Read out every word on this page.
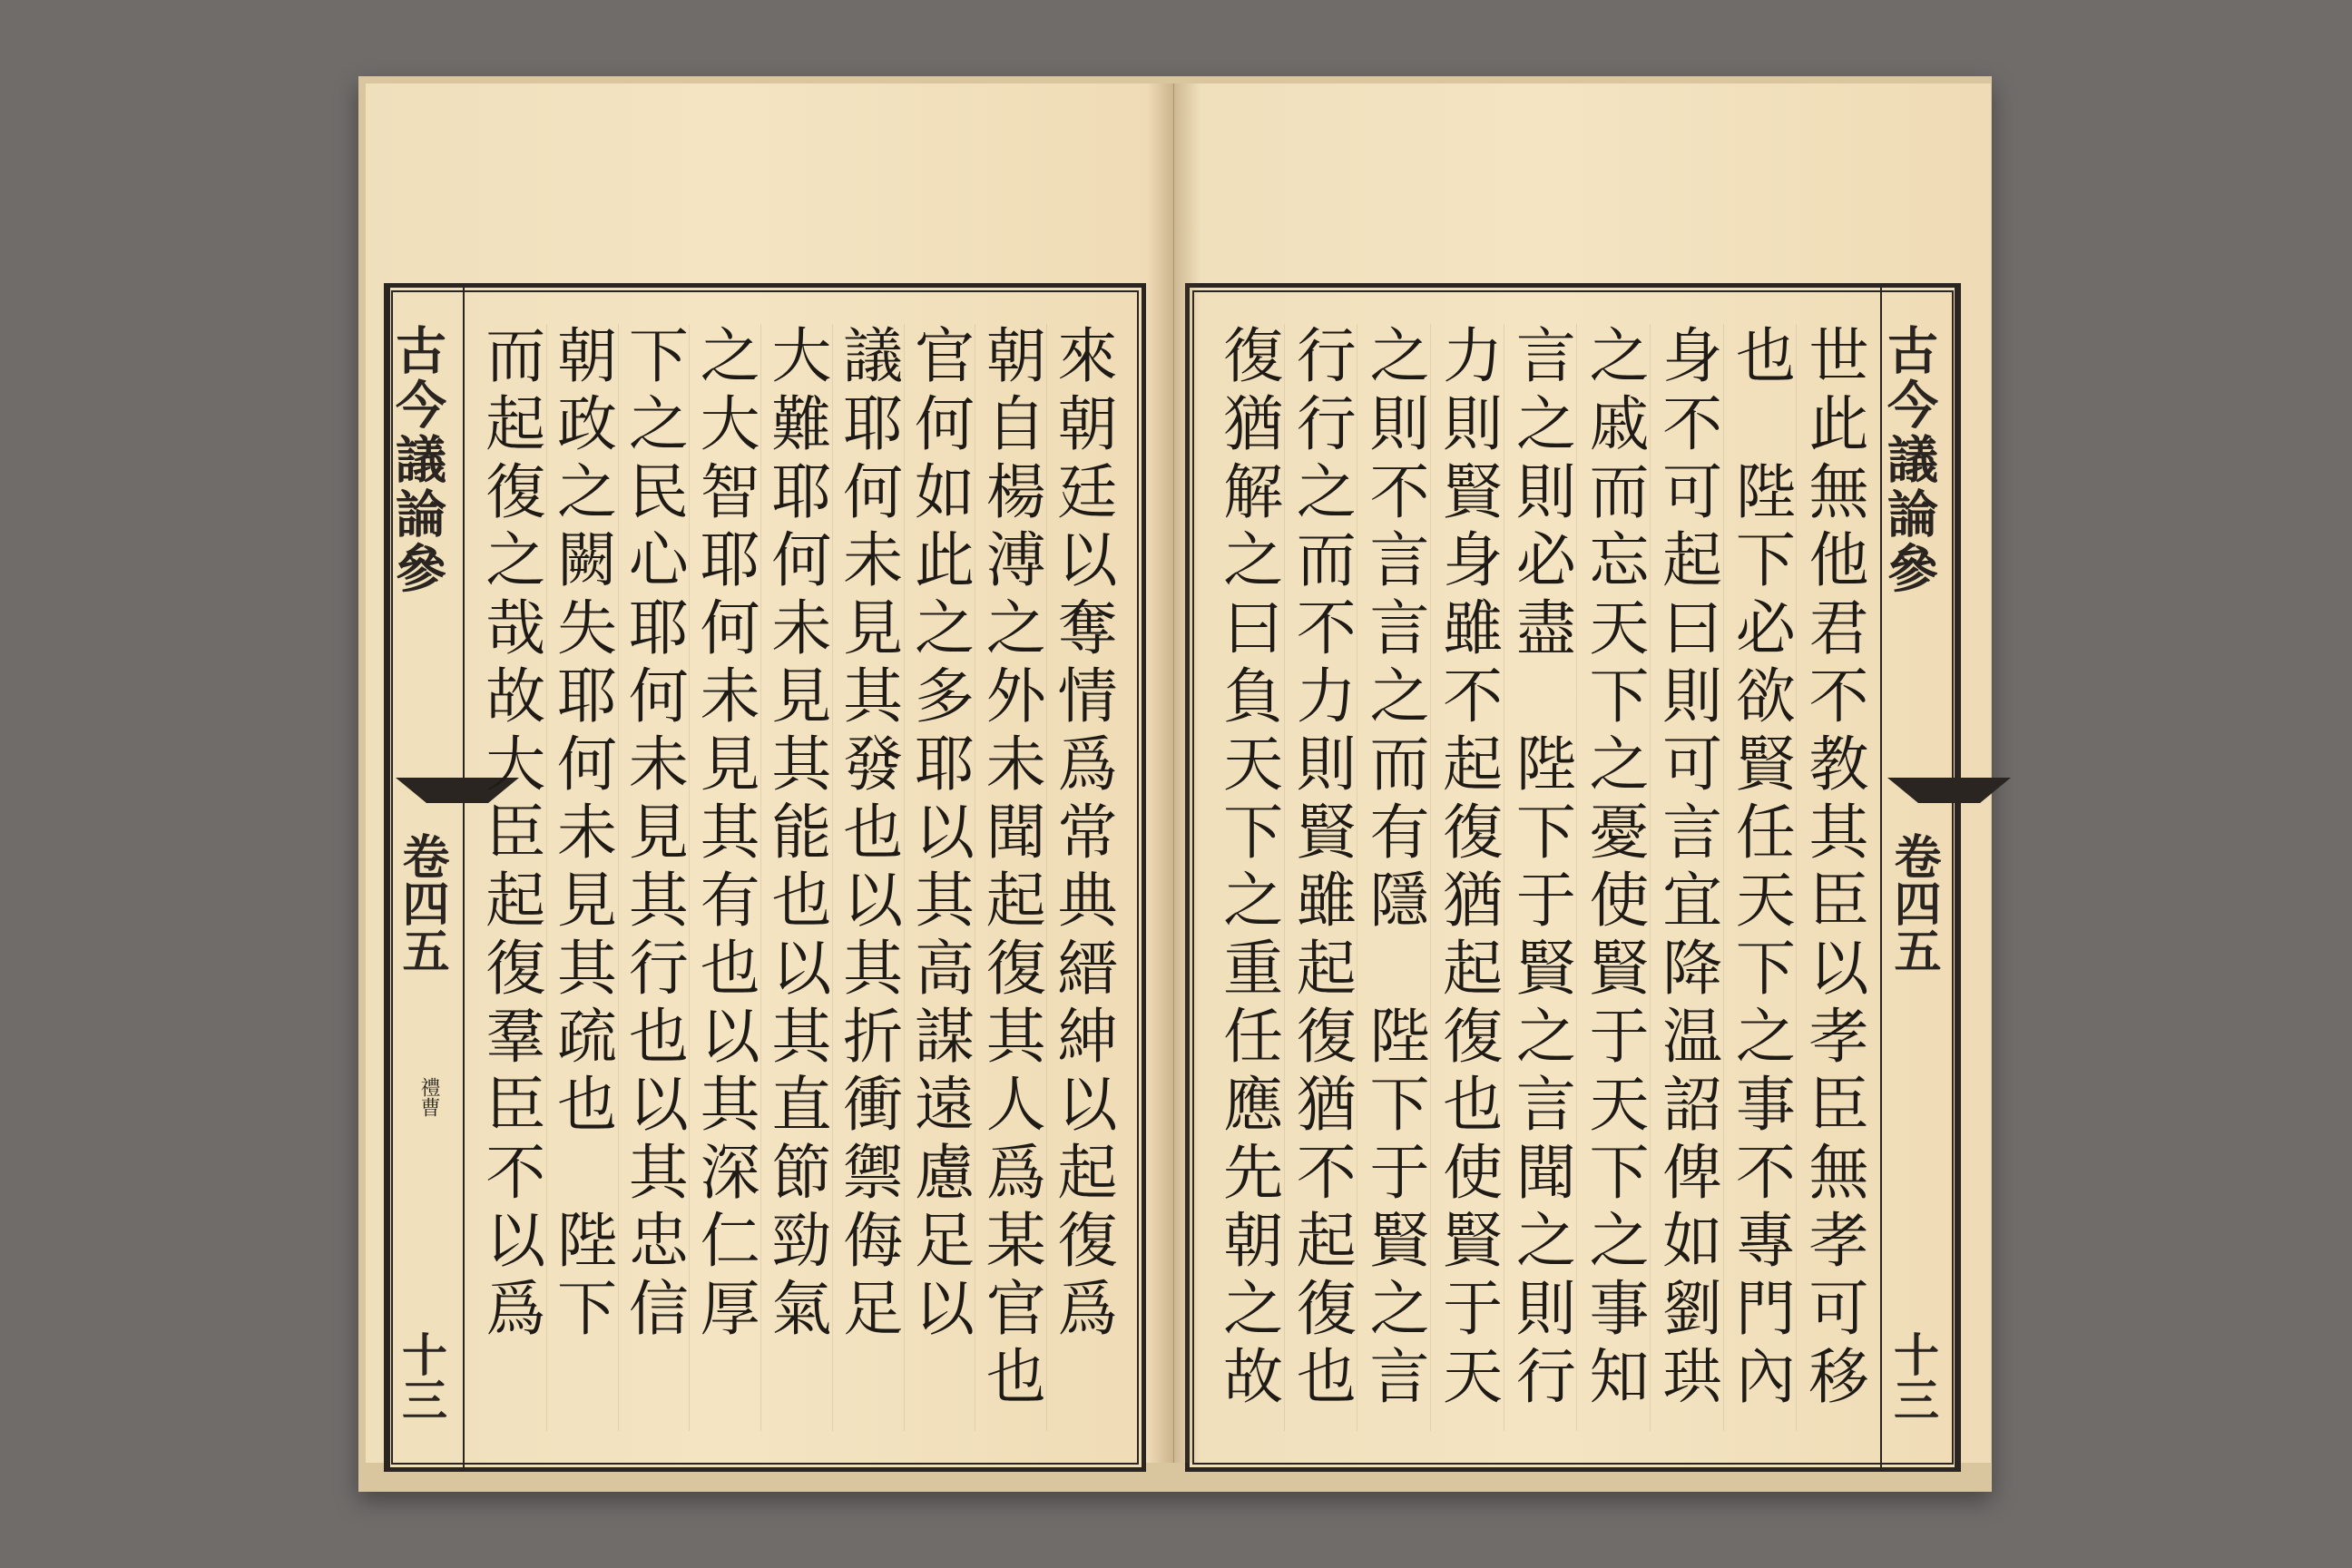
古今議論參
卷四五
禮曹
十三
來朝廷以奪情爲常典縉紳以起復爲
朝自楊溥之外未聞起復其人爲某官也
官何如此之多耶以其高謀遠慮足以
議耶何未見其發也以其折衝禦侮足
大難耶何未見其能也以其直節勁氣
之大智耶何未見其有也以其深仁厚
下之民心耶何未見其行也以其忠信
朝政之闕失耶何未見其疏也　陛下
而起復之哉故大臣起復羣臣不以爲	古今議論參
卷四五
十三
世此無他君不教其臣以孝臣無孝可移
也　陛下必欲賢任天下之事不專門內
身不可起曰則可言宜降温詔俾如劉珙
之戚而忘天下之憂使賢于天下之事知
言之則必盡　陛下于賢之言聞之則行
力則賢身雖不起復猶起復也使賢于天
之則不言言之而有隱　陛下于賢之言
行行之而不力則賢雖起復猶不起復也
復猶解之曰負天下之重任應先朝之故
